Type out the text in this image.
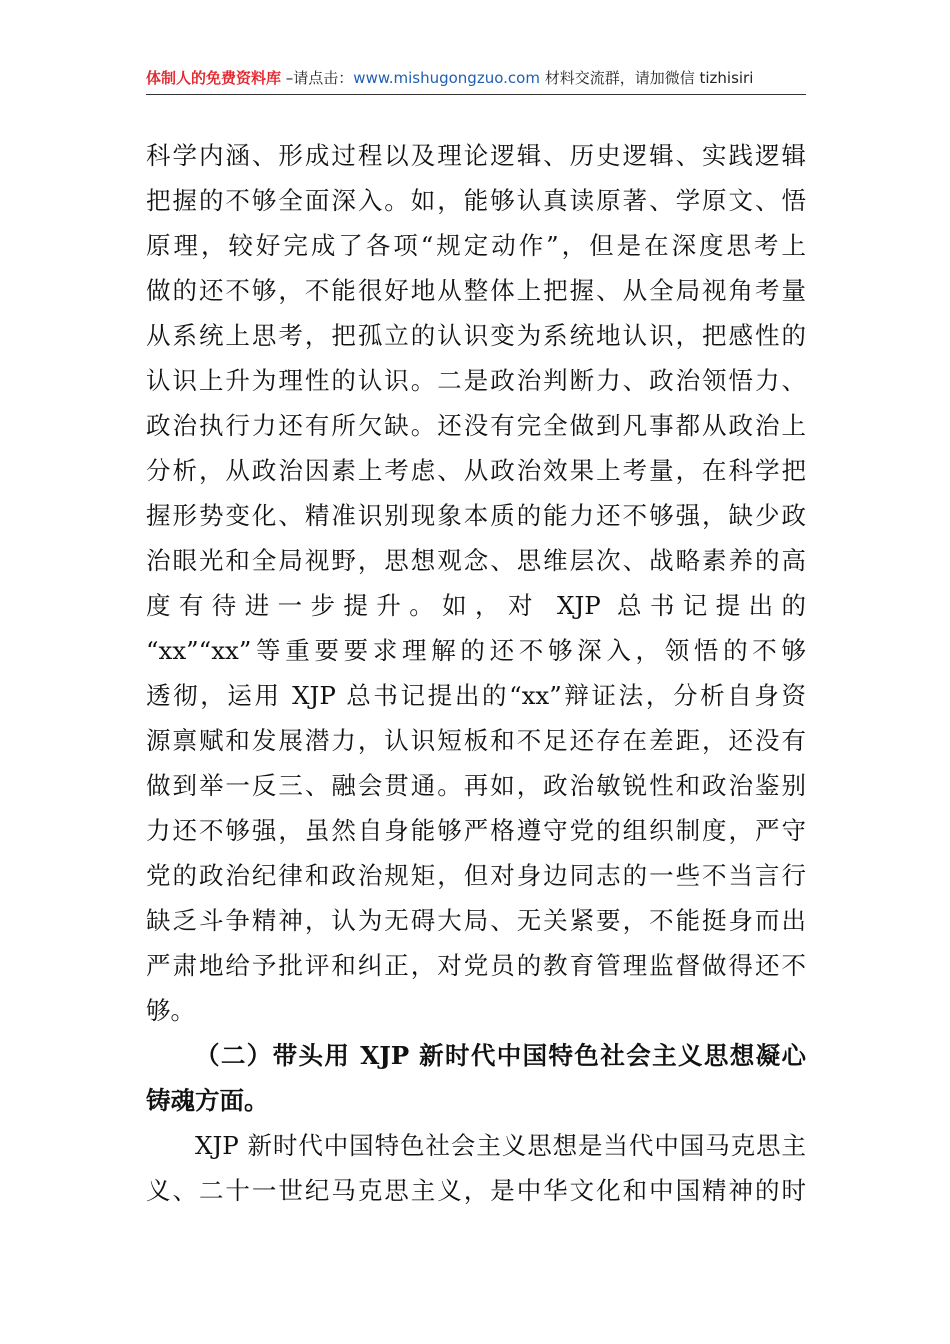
体制人的免费资料库 –请点击：www.mishugongzuo.com 材料交流群，请加微信 tizhisiri
科学内涵、形成过程以及理论逻辑、历史逻辑、实践逻辑
把握的不够全面深入。如，能够认真读原著、学原文、悟
原理，较好完成了各项“规定动作”，但是在深度思考上
做的还不够，不能很好地从整体上把握、从全局视角考量
从系统上思考，把孤立的认识变为系统地认识，把感性的
认识上升为理性的认识。二是政治判断力、政治领悟力、
政治执行力还有所欠缺。还没有完全做到凡事都从政治上
分析，从政治因素上考虑、从政治效果上考量，在科学把
握形势变化、精准识别现象本质的能力还不够强，缺少政
治眼光和全局视野，思想观念、思维层次、战略素养的高
度有待进一步提升。如，对 XJP 总书记提出的
“xx”“xx”等重要要求理解的还不够深入，领悟的不够
透彻，运用 XJP 总书记提出的“xx”辩证法，分析自身资
源禀赋和发展潜力，认识短板和不足还存在差距，还没有
做到举一反三、融会贯通。再如，政治敏锐性和政治鉴别
力还不够强，虽然自身能够严格遵守党的组织制度，严守
党的政治纪律和政治规矩，但对身边同志的一些不当言行
缺乏斗争精神，认为无碍大局、无关紧要，不能挺身而出
严肃地给予批评和纠正，对党员的教育管理监督做得还不
够。
（二）带头用 XJP 新时代中国特色社会主义思想凝心
铸魂方面。
XJP 新时代中国特色社会主义思想是当代中国马克思主
义、二十一世纪马克思主义，是中华文化和中国精神的时
